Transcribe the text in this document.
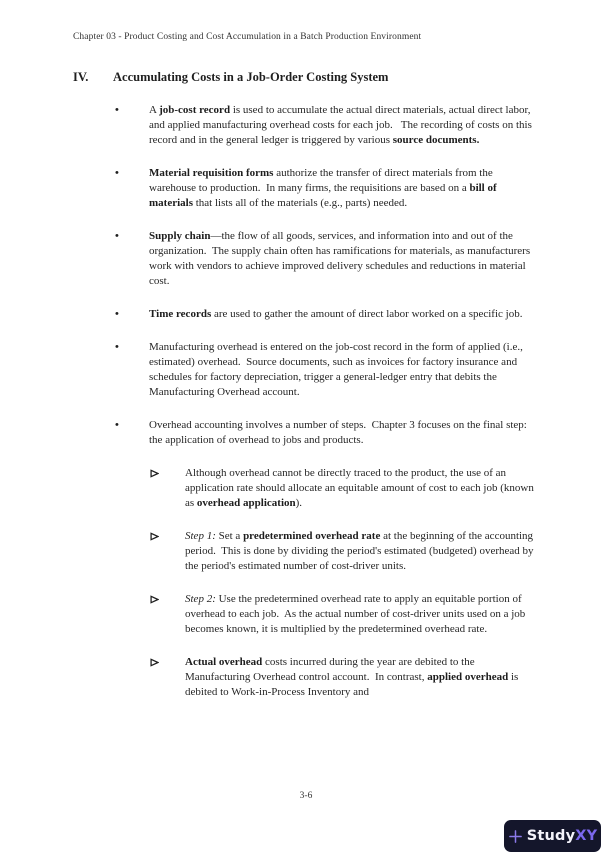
Chapter 03 - Product Costing and Cost Accumulation in a Batch Production Environment
IV.	Accumulating Costs in a Job-Order Costing System
•	A job-cost record is used to accumulate the actual direct materials, actual direct labor, and applied manufacturing overhead costs for each job.   The recording of costs on this record and in the general ledger is triggered by various source documents.

•	Material requisition forms authorize the transfer of direct materials from the warehouse to production.  In many firms, the requisitions are based on a bill of materials that lists all of the materials (e.g., parts) needed.

•	Supply chain—the flow of all goods, services, and information into and out of the organization.  The supply chain often has ramifications for materials, as manufacturers work with vendors to achieve improved delivery schedules and reductions in material cost.

•	Time records are used to gather the amount of direct labor worked on a specific job.

•	Manufacturing overhead is entered on the job-cost record in the form of applied (i.e., estimated) overhead.  Source documents, such as invoices for factory insurance and schedules for factory depreciation, trigger a general-ledger entry that debits the Manufacturing Overhead account.

•	Overhead accounting involves a number of steps.  Chapter 3 focuses on the final step: the application of overhead to jobs and products.

Although overhead cannot be directly traced to the product, the use of an application rate should allocate an equitable amount of cost to each job (known as overhead application).

Step 1: Set a predetermined overhead rate at the beginning of the accounting period.  This is done by dividing the period's estimated (budgeted) overhead by the period's estimated number of cost-driver units.

Step 2: Use the predetermined overhead rate to apply an equitable portion of overhead to each job.  As the actual number of cost-driver units used on a job becomes known, it is multiplied by the predetermined overhead rate.

Actual overhead costs incurred during the year are debited to the Manufacturing Overhead control account.  In contrast, applied overhead is debited to Work-in-Process Inventory and

3-6
StudyXY
